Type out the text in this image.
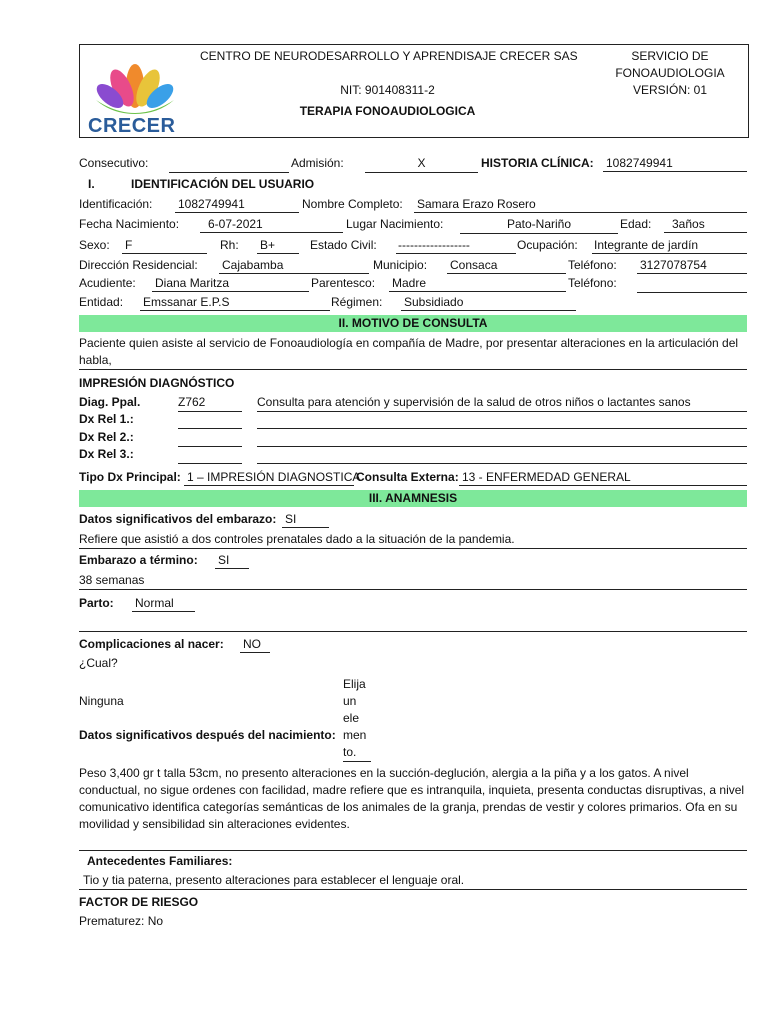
CRECER
CENTRO DE NEURODESARROLLO Y APRENDISAJE CRECER SAS
NIT: 901408311-2
TERAPIA FONOAUDIOLOGICA
SERVICIO DE
FONOAUDIOLOGIA
VERSIÓN: 01
Consecutivo:	Admisión:	X	HISTORIA CLÍNICA: 1082749941
I.	IDENTIFICACIÓN DEL USUARIO
Identificación: 1082749941	Nombre Completo: Samara Erazo Rosero
Fecha Nacimiento:	6-07-2021	Lugar Nacimiento:	Pato-Nariño	Edad:	3años
Sexo: F	Rh: B+	Estado Civil: ------------------	Ocupación: Integrante de jardín
Dirección Residencial: Cajabamba	Municipio: Consaca	Teléfono: 3127078754
Acudiente: Diana Maritza	Parentesco: Madre	Teléfono:
Entidad: Emssanar E.P.S	Régimen: Subsidiado
II. MOTIVO DE CONSULTA
Paciente quien asiste al servicio de Fonoaudiología en compañía de Madre, por presentar alteraciones en la articulación del habla,
IMPRESIÓN DIAGNÓSTICO
Diag. Ppal.	Z762	Consulta para atención y supervisión de la salud de otros niños o lactantes sanos
Dx Rel 1.:
Dx Rel 2.:
Dx Rel 3.:
Tipo Dx Principal: 1 – IMPRESIÓN DIAGNOSTICA
Consulta Externa: 13 - ENFERMEDAD GENERAL
III. ANAMNESIS
Datos significativos del embarazo: SI
Refiere que asistió a dos controles prenatales dado a la situación de la pandemia.
Embarazo a término: SI
38 semanas
Parto: Normal
Complicaciones al nacer: NO
¿Cual?
Ninguna
Elija
un
ele
men
to.
Datos significativos después del nacimiento:
Peso 3,400 gr t talla 53cm, no presento alteraciones en la succión-deglución, alergia a la piña y a los gatos. A nivel conductual, no sigue ordenes con facilidad, madre refiere que es intranquila, inquieta, presenta conductas disruptivas, a nivel comunicativo identifica categorías semánticas de los animales de la granja, prendas de vestir y colores primarios. Ofa en su movilidad y sensibilidad sin alteraciones evidentes.
Antecedentes Familiares:
Tio y tia paterna, presento alteraciones para establecer el lenguaje oral.
FACTOR DE RIESGO
Prematurez: No
